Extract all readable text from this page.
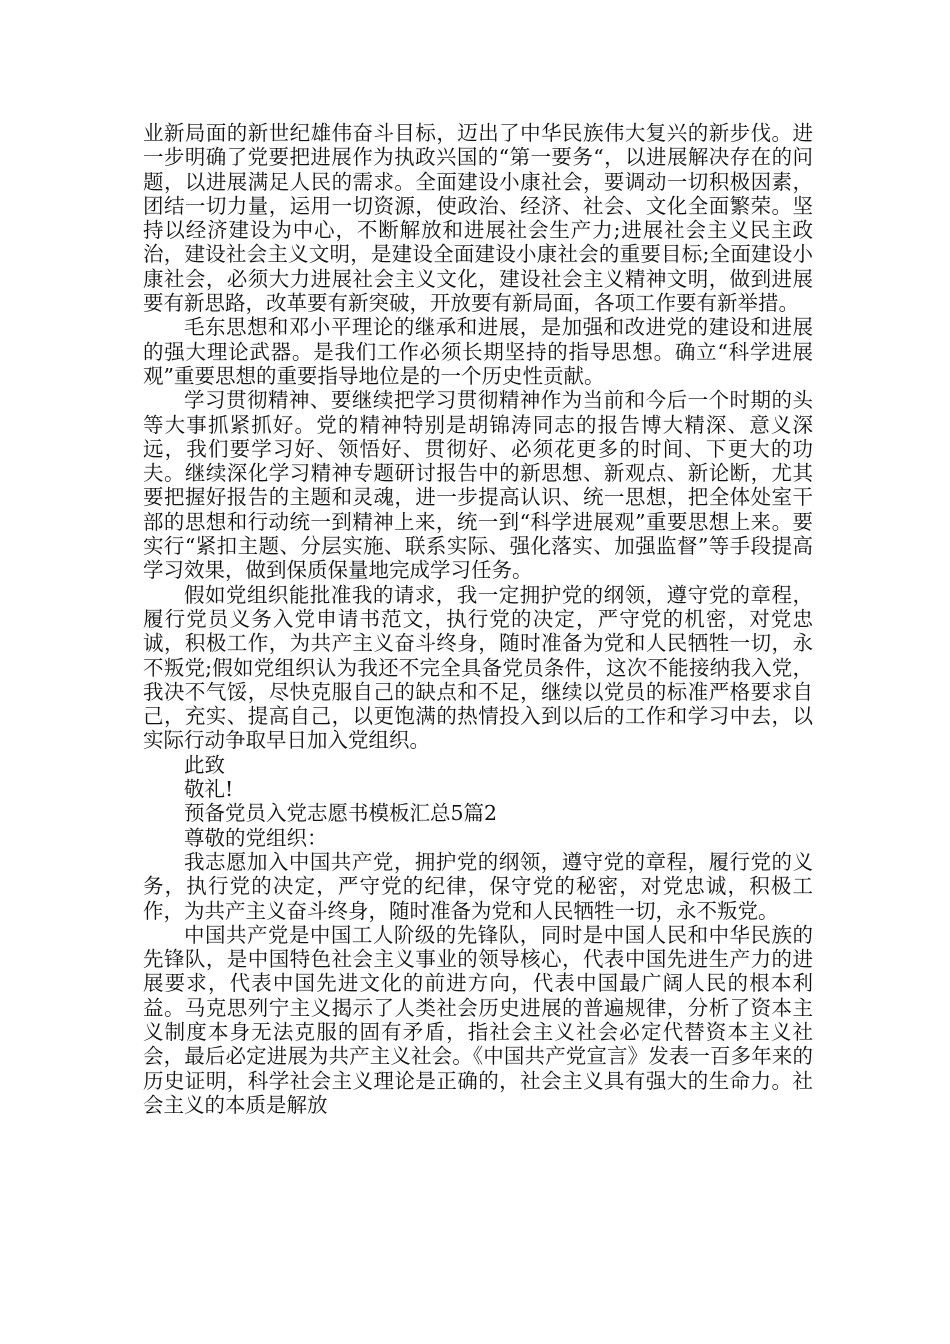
业新局面的新世纪雄伟奋斗目标，迈出了中华民族伟大复兴的新步伐。进一步明确了党要把进展作为执政兴国的“第一要务“，以进展解决存在的问题，以进展满足人民的需求。全面建设小康社会，要调动一切积极因素，团结一切力量，运用一切资源，使政治、经济、社会、文化全面繁荣。坚持以经济建设为中心，不断解放和进展社会生产力;进展社会主义民主政治，建设社会主义文明，是建设全面建设小康社会的重要目标;全面建设小康社会，必须大力进展社会主义文化，建设社会主义精神文明，做到进展要有新思路，改革要有新突破，开放要有新局面，各项工作要有新举措。

毛东思想和邓小平理论的继承和进展，是加强和改进党的建设和进展的强大理论武器。是我们工作必须长期坚持的指导思想。确立“科学进展观”重要思想的重要指导地位是的一个历史性贡献。

学习贯彻精神、要继续把学习贯彻精神作为当前和今后一个时期的头等大事抓紧抓好。党的精神特别是胡锦涛同志的报告博大精深、意义深远，我们要学习好、领悟好、贯彻好、必须花更多的时间、下更大的功夫。继续深化学习精神专题研讨报告中的新思想、新观点、新论断，尤其要把握好报告的主题和灵魂，进一步提高认识、统一思想，把全体处室干部的思想和行动统一到精神上来，统一到“科学进展观”重要思想上来。要实行“紧扣主题、分层实施、联系实际、强化落实、加强监督”等手段提高学习效果，做到保质保量地完成学习任务。

假如党组织能批准我的请求，我一定拥护党的纲领，遵守党的章程，履行党员义务入党申请书范文，执行党的决定，严守党的机密，对党忠诚，积极工作，为共产主义奋斗终身，随时准备为党和人民牺牲一切，永不叛党;假如党组织认为我还不完全具备党员条件，这次不能接纳我入党，我决不气馁，尽快克服自己的缺点和不足，继续以党员的标准严格要求自己，充实、提高自己，以更饱满的热情投入到以后的工作和学习中去，以实际行动争取早日加入党组织。

此致

敬礼!

预备党员入党志愿书模板汇总5篇2

尊敬的党组织：

我志愿加入中国共产党，拥护党的纲领，遵守党的章程，履行党的义务，执行党的决定，严守党的纪律，保守党的秘密，对党忠诚，积极工作，为共产主义奋斗终身，随时准备为党和人民牺牲一切，永不叛党。

中国共产党是中国工人阶级的先锋队，同时是中国人民和中华民族的先锋队，是中国特色社会主义事业的领导核心，代表中国先进生产力的进展要求，代表中国先进文化的前进方向，代表中国最广阔人民的根本利益。马克思列宁主义揭示了人类社会历史进展的普遍规律，分析了资本主义制度本身无法克服的固有矛盾，指社会主义社会必定代替资本主义社会，最后必定进展为共产主义社会。《中国共产党宣言》发表一百多年来的历史证明，科学社会主义理论是正确的，社会主义具有强大的生命力。社会主义的本质是解放
